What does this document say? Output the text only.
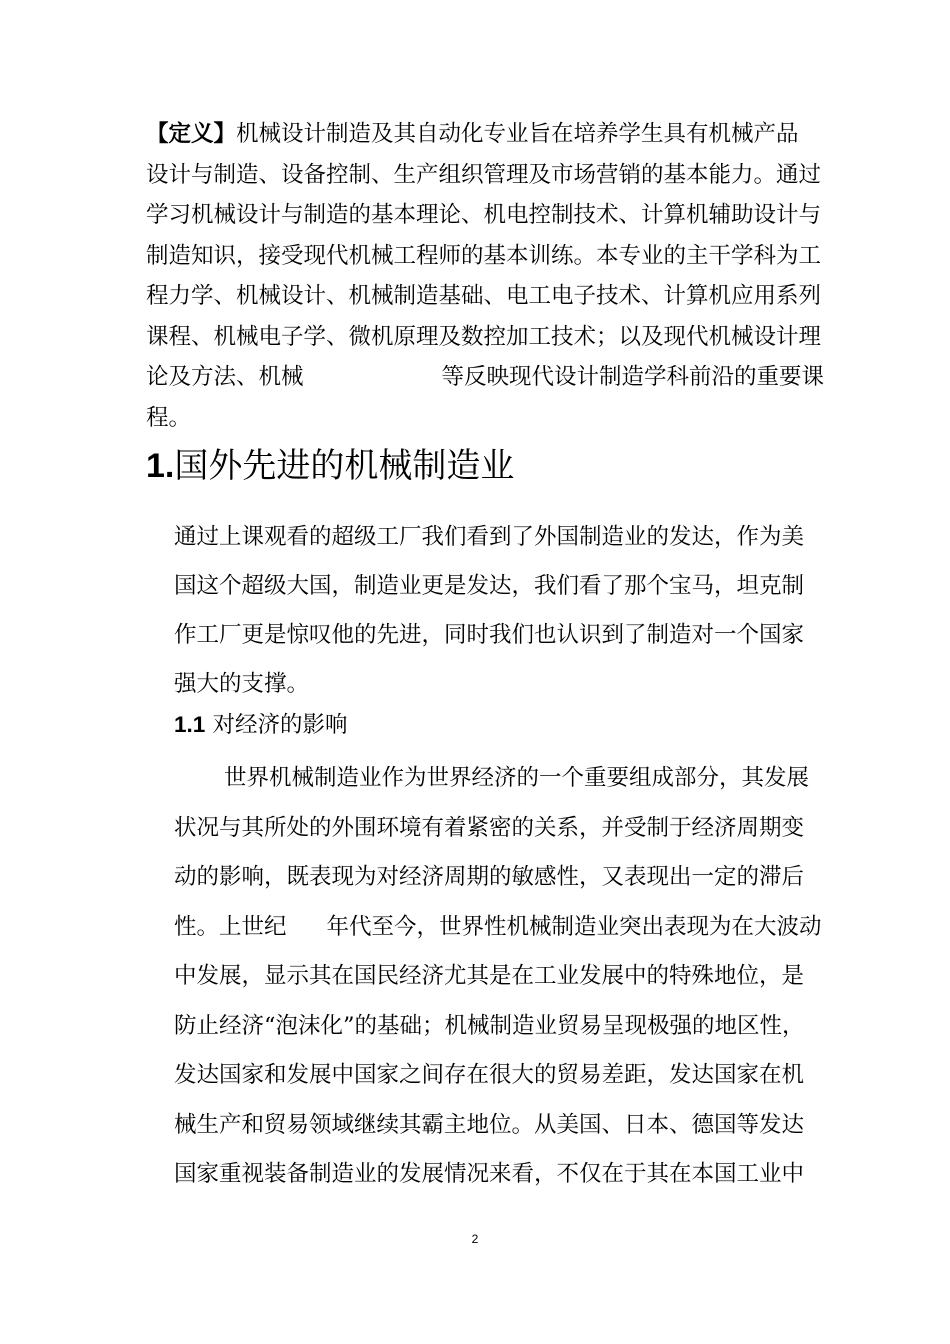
【定义】机械设计制造及其自动化专业旨在培养学生具有机械产品
设计与制造、设备控制、生产组织管理及市场营销的基本能力。通过
学习机械设计与制造的基本理论、机电控制技术、计算机辅助设计与
制造知识，接受现代机械工程师的基本训练。本专业的主干学科为工
程力学、机械设计、机械制造基础、电工电子技术、计算机应用系列
课程、机械电子学、微机原理及数控加工技术；以及现代机械设计理
论及方法、机械	等反映现代设计制造学科前沿的重要课
程。
1.国外先进的机械制造业
通过上课观看的超级工厂我们看到了外国制造业的发达，作为美
国这个超级大国，制造业更是发达，我们看了那个宝马，坦克制
作工厂更是惊叹他的先进，同时我们也认识到了制造对一个国家
强大的支撑。
1.1 对经济的影响
世界机械制造业作为世界经济的一个重要组成部分，其发展
状况与其所处的外围环境有着紧密的关系，并受制于经济周期变
动的影响，既表现为对经济周期的敏感性，又表现出一定的滞后
性。上世纪 年代至今，世界性机械制造业突出表现为在大波动
中发展，显示其在国民经济尤其是在工业发展中的特殊地位，是
防止经济“泡沫化”的基础；机械制造业贸易呈现极强的地区性，
发达国家和发展中国家之间存在很大的贸易差距，发达国家在机
械生产和贸易领域继续其霸主地位。从美国、日本、德国等发达
国家重视装备制造业的发展情况来看，不仅在于其在本国工业中
2
